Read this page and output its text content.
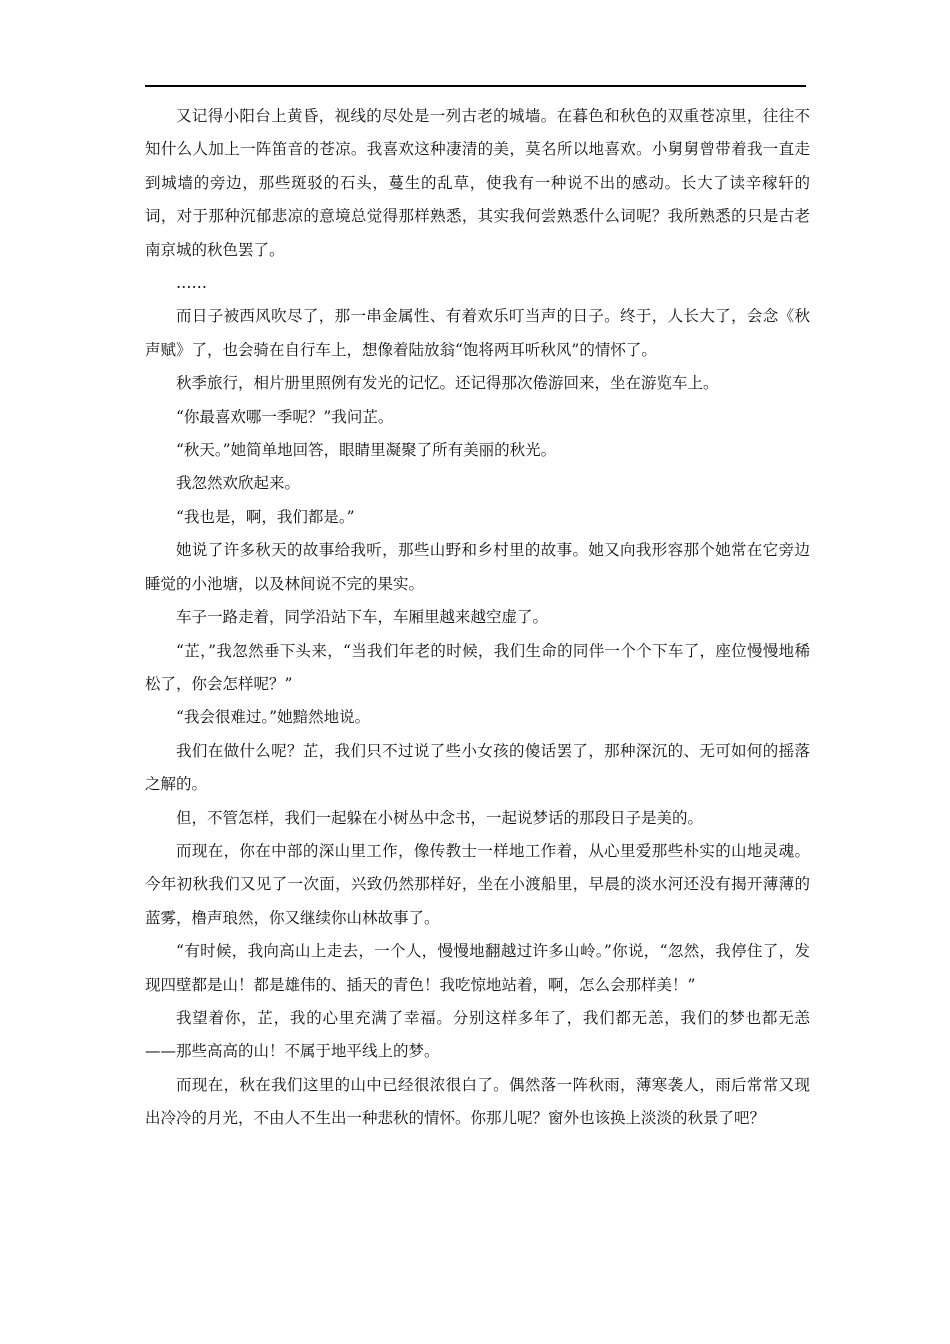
又记得小阳台上黄昏，视线的尽处是一列古老的城墙。在暮色和秋色的双重苍凉里，往往不知什么人加上一阵笛音的苍凉。我喜欢这种凄清的美，莫名所以地喜欢。小舅舅曾带着我一直走到城墙的旁边，那些斑驳的石头，蔓生的乱草，使我有一种说不出的感动。长大了读辛稼轩的词，对于那种沉郁悲凉的意境总觉得那样熟悉，其实我何尝熟悉什么词呢？我所熟悉的只是古老南京城的秋色罢了。

……

而日子被西风吹尽了，那一串金属性、有着欢乐叮当声的日子。终于，人长大了，会念《秋声赋》了，也会骑在自行车上，想像着陆放翁“饱将两耳听秋风”的情怀了。

秋季旅行，相片册里照例有发光的记忆。还记得那次倦游回来，坐在游览车上。

“你最喜欢哪一季呢？”我问芷。

“秋天。”她简单地回答，眼睛里凝聚了所有美丽的秋光。

我忽然欢欣起来。

“我也是，啊，我们都是。”

她说了许多秋天的故事给我听，那些山野和乡村里的故事。她又向我形容那个她常在它旁边睡觉的小池塘，以及林间说不完的果实。

车子一路走着，同学沿站下车，车厢里越来越空虚了。

“芷，”我忽然垂下头来，“当我们年老的时候，我们生命的同伴一个个下车了，座位慢慢地稀松了，你会怎样呢？”

“我会很难过。”她黯然地说。

我们在做什么呢？芷，我们只不过说了些小女孩的傻话罢了，那种深沉的、无可如何的摇落之解的。

但，不管怎样，我们一起躲在小树丛中念书，一起说梦话的那段日子是美的。

而现在，你在中部的深山里工作，像传教士一样地工作着，从心里爱那些朴实的山地灵魂。今年初秋我们又见了一次面，兴致仍然那样好，坐在小渡船里，早晨的淡水河还没有揭开薄薄的蓝雾，橹声琅然，你又继续你山林故事了。

“有时候，我向高山上走去，一个人，慢慢地翻越过许多山岭。”你说，“忽然，我停住了，发现四壁都是山！都是雄伟的、插天的青色！我吃惊地站着，啊，怎么会那样美！”

我望着你，芷，我的心里充满了幸福。分别这样多年了，我们都无恙，我们的梦也都无恙——那些高高的山！不属于地平线上的梦。

而现在，秋在我们这里的山中已经很浓很白了。偶然落一阵秋雨，薄寒袭人，雨后常常又现出冷冷的月光，不由人不生出一种悲秋的情怀。你那儿呢？窗外也该换上淡淡的秋景了吧？
